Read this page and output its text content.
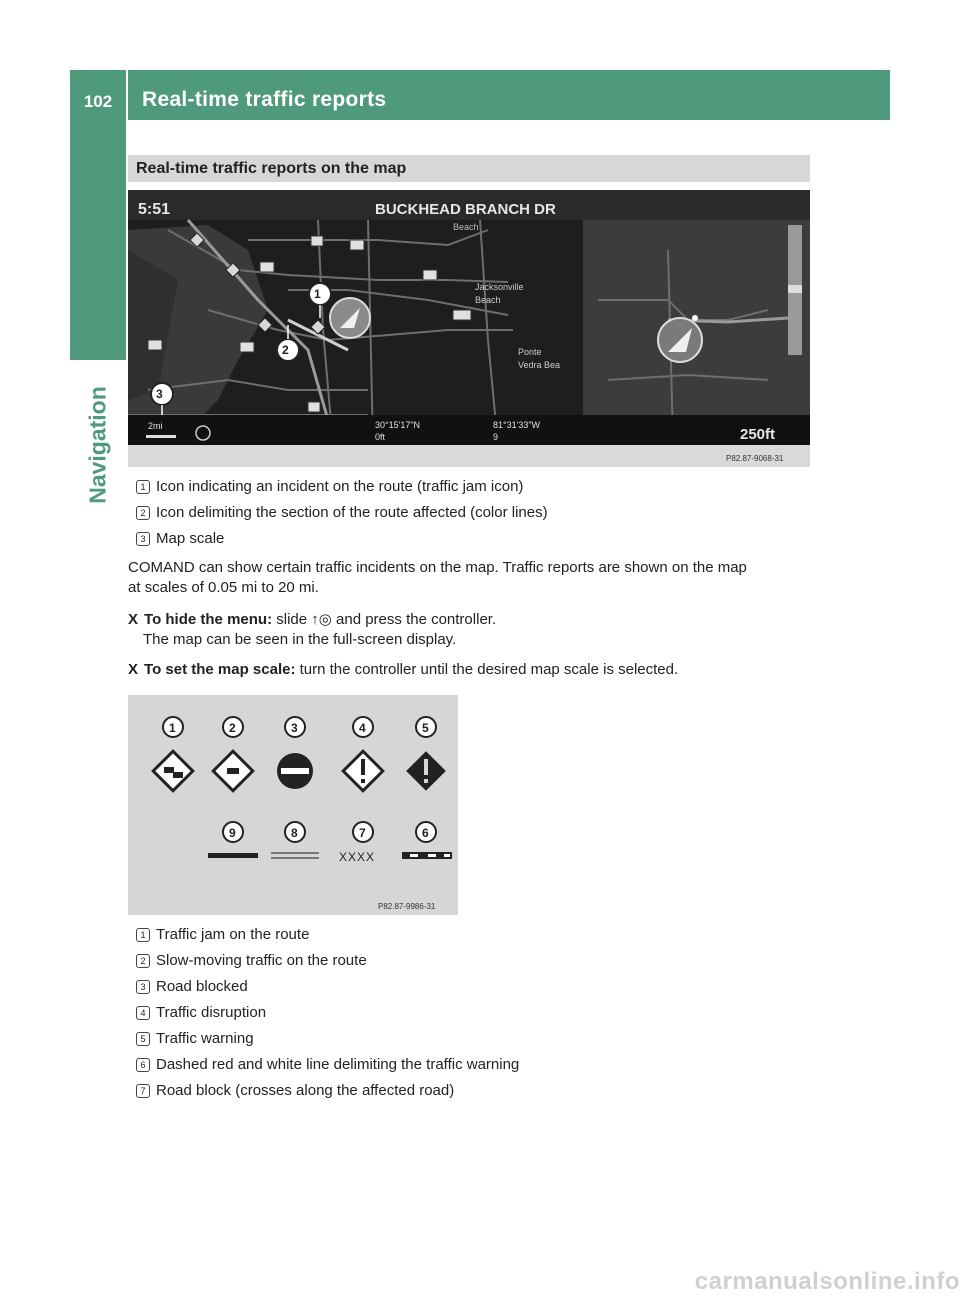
102	Real-time traffic reports
Navigation
Real-time traffic reports on the map
5:51	BUCKHEAD BRANCH DR
Beach
Jacksonville
Beach
Ponte
Vedra Bea
1
2
3
2mi	30°15'17"N
0ft
81°31'33"W
9	250ft
P82.87-9068-31
1 Icon indicating an incident on the route (traffic jam icon)
2 Icon delimiting the section of the route affected (color lines)
3 Map scale
COMAND can show certain traffic incidents on the map. Traffic reports are shown on the map
at scales of 0.05 mi to 20 mi.
X To hide the menu: slide ↑◎ and press the controller.
The map can be seen in the full-screen display.
X To set the map scale: turn the controller until the desired map scale is selected.
1	2	3	4	5
9	8	7	6
XXXX
P82.87-9986-31
1 Traffic jam on the route
2 Slow-moving traffic on the route
3 Road blocked
4 Traffic disruption
5 Traffic warning
6 Dashed red and white line delimiting the traffic warning
7 Road block (crosses along the affected road)
carmanualsonline.info
